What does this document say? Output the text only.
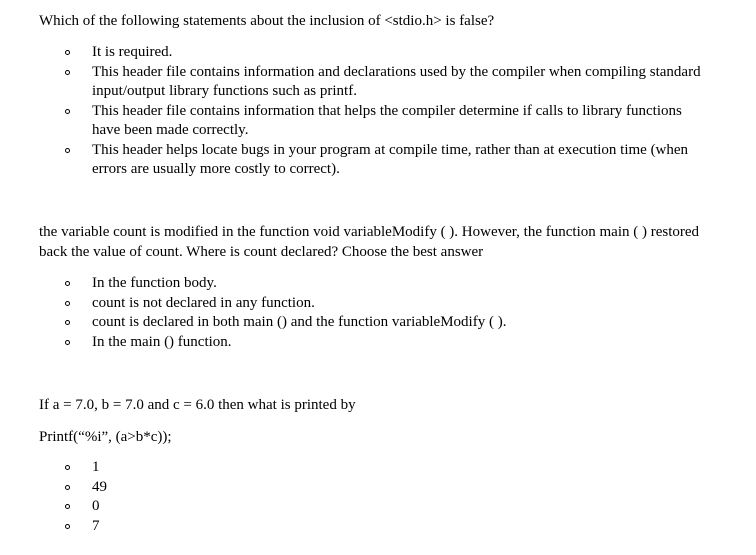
Which of the following statements about the inclusion of <stdio.h> is false?
It is required.
This header file contains information and declarations used by the compiler when compiling standard input/output library functions such as printf.
This header file contains information that helps the compiler determine if calls to library functions have been made correctly.
This header helps locate bugs in your program at compile time, rather than at execution time (when errors are usually more costly to correct).
the variable count is modified in the function void variableModify ( ). However, the function main ( ) restored back the value of count. Where is count declared? Choose the best answer
In the function body.
count is not declared in any function.
count is declared in both main () and the function variableModify ( ).
In the main () function.
If a = 7.0, b = 7.0 and c = 6.0 then what is printed by
Printf(“%i”, (a>b*c));
1
49
0
7
